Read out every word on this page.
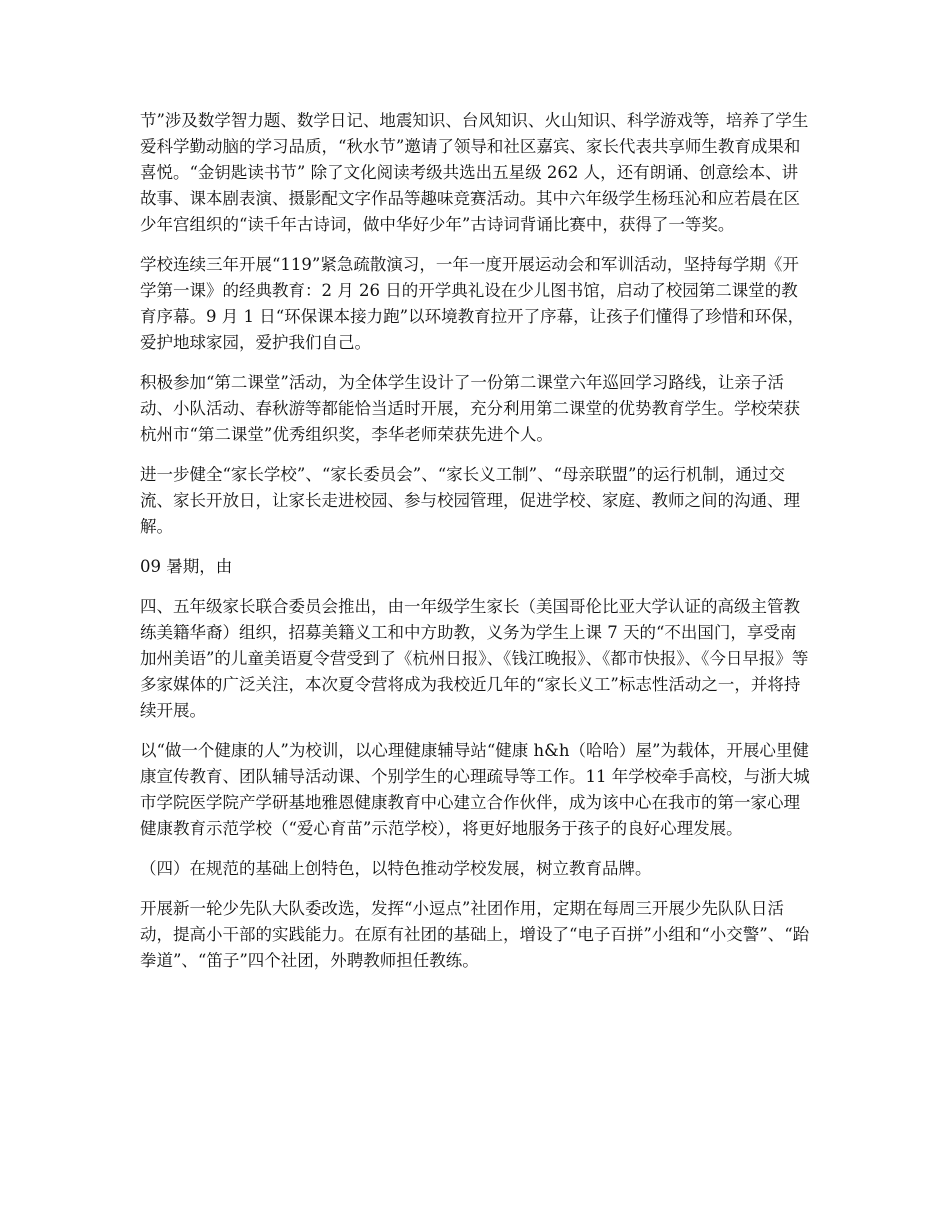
节”涉及数学智力题、数学日记、地震知识、台风知识、火山知识、科学游戏等，培养了学生爱科学勤动脑的学习品质，“秋水节”邀请了领导和社区嘉宾、家长代表共享师生教育成果和喜悦。“金钥匙读书节” 除了文化阅读考级共选出五星级 262 人，还有朗诵、创意绘本、讲故事、课本剧表演、摄影配文字作品等趣味竞赛活动。其中六年级学生杨珏沁和应若晨在区少年宫组织的“读千年古诗词，做中华好少年”古诗词背诵比赛中，获得了一等奖。

学校连续三年开展“119”紧急疏散演习，一年一度开展运动会和军训活动，坚持每学期《开学第一课》的经典教育：2 月 26 日的开学典礼设在少儿图书馆，启动了校园第二课堂的教育序幕。9 月 1 日“环保课本接力跑”以环境教育拉开了序幕，让孩子们懂得了珍惜和环保，爱护地球家园，爱护我们自己。

积极参加“第二课堂”活动，为全体学生设计了一份第二课堂六年巡回学习路线，让亲子活动、小队活动、春秋游等都能恰当适时开展，充分利用第二课堂的优势教育学生。学校荣获杭州市“第二课堂”优秀组织奖，李华老师荣获先进个人。

进一步健全“家长学校”、“家长委员会”、“家长义工制”、“母亲联盟”的运行机制，通过交流、家长开放日，让家长走进校园、参与校园管理，促进学校、家庭、教师之间的沟通、理解。

09 暑期，由

四、五年级家长联合委员会推出，由一年级学生家长（美国哥伦比亚大学认证的高级主管教练美籍华裔）组织，招募美籍义工和中方助教，义务为学生上课 7 天的“不出国门，享受南加州美语”的儿童美语夏令营受到了《杭州日报》、《钱江晚报》、《都市快报》、《今日早报》等多家媒体的广泛关注，本次夏令营将成为我校近几年的“家长义工”标志性活动之一，并将持续开展。

以“做一个健康的人”为校训，以心理健康辅导站“健康 h&h（哈哈）屋”为载体，开展心里健康宣传教育、团队辅导活动课、个别学生的心理疏导等工作。11 年学校牵手高校，与浙大城市学院医学院产学研基地雅恩健康教育中心建立合作伙伴，成为该中心在我市的第一家心理健康教育示范学校（“爱心育苗”示范学校），将更好地服务于孩子的良好心理发展。

（四）在规范的基础上创特色，以特色推动学校发展，树立教育品牌。

开展新一轮少先队大队委改选，发挥“小逗点”社团作用，定期在每周三开展少先队队日活动，提高小干部的实践能力。在原有社团的基础上，增设了“电子百拼”小组和“小交警”、“跆拳道”、“笛子”四个社团，外聘教师担任教练。
